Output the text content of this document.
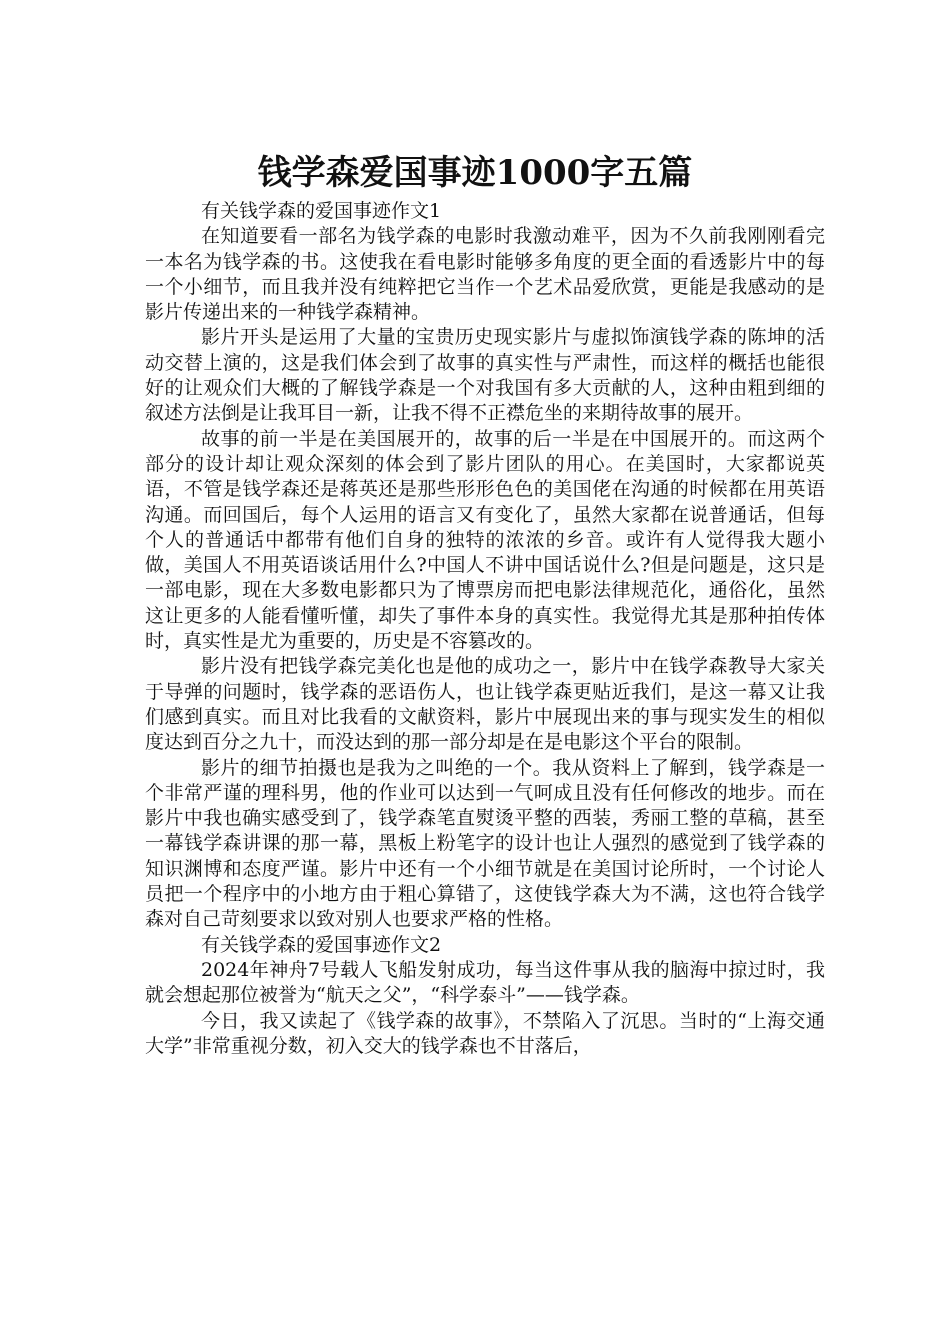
钱学森爱国事迹1000字五篇

有关钱学森的爱国事迹作文1

在知道要看一部名为钱学森的电影时我激动难平，因为不久前我刚刚看完一本名为钱学森的书。这使我在看电影时能够多角度的更全面的看透影片中的每一个小细节，而且我并没有纯粹把它当作一个艺术品爱欣赏，更能是我感动的是影片传递出来的一种钱学森精神。

影片开头是运用了大量的宝贵历史现实影片与虚拟饰演钱学森的陈坤的活动交替上演的，这是我们体会到了故事的真实性与严肃性，而这样的概括也能很好的让观众们大概的了解钱学森是一个对我国有多大贡献的人，这种由粗到细的叙述方法倒是让我耳目一新，让我不得不正襟危坐的来期待故事的展开。

故事的前一半是在美国展开的，故事的后一半是在中国展开的。而这两个部分的设计却让观众深刻的体会到了影片团队的用心。在美国时，大家都说英语，不管是钱学森还是蒋英还是那些形形色色的美国佬在沟通的时候都在用英语沟通。而回国后，每个人运用的语言又有变化了，虽然大家都在说普通话，但每个人的普通话中都带有他们自身的独特的浓浓的乡音。或许有人觉得我大题小做，美国人不用英语谈话用什么?中国人不讲中国话说什么?但是问题是，这只是一部电影，现在大多数电影都只为了博票房而把电影法律规范化，通俗化，虽然这让更多的人能看懂听懂，却失了事件本身的真实性。我觉得尤其是那种拍传体时，真实性是尤为重要的，历史是不容篡改的。

影片没有把钱学森完美化也是他的成功之一，影片中在钱学森教导大家关于导弹的问题时，钱学森的恶语伤人，也让钱学森更贴近我们，是这一幕又让我们感到真实。而且对比我看的文献资料，影片中展现出来的事与现实发生的相似度达到百分之九十，而没达到的那一部分却是在是电影这个平台的限制。

影片的细节拍摄也是我为之叫绝的一个。我从资料上了解到，钱学森是一个非常严谨的理科男，他的作业可以达到一气呵成且没有任何修改的地步。而在影片中我也确实感受到了，钱学森笔直熨烫平整的西装，秀丽工整的草稿，甚至一幕钱学森讲课的那一幕，黑板上粉笔字的设计也让人强烈的感觉到了钱学森的知识渊博和态度严谨。影片中还有一个小细节就是在美国讨论所时，一个讨论人员把一个程序中的小地方由于粗心算错了，这使钱学森大为不满，这也符合钱学森对自己苛刻要求以致对别人也要求严格的性格。

有关钱学森的爱国事迹作文2

2024年神舟7号载人飞船发射成功，每当这件事从我的脑海中掠过时，我就会想起那位被誉为“航天之父”，“科学泰斗”——钱学森。

今日，我又读起了《钱学森的故事》，不禁陷入了沉思。当时的“上海交通大学”非常重视分数，初入交大的钱学森也不甘落后，
